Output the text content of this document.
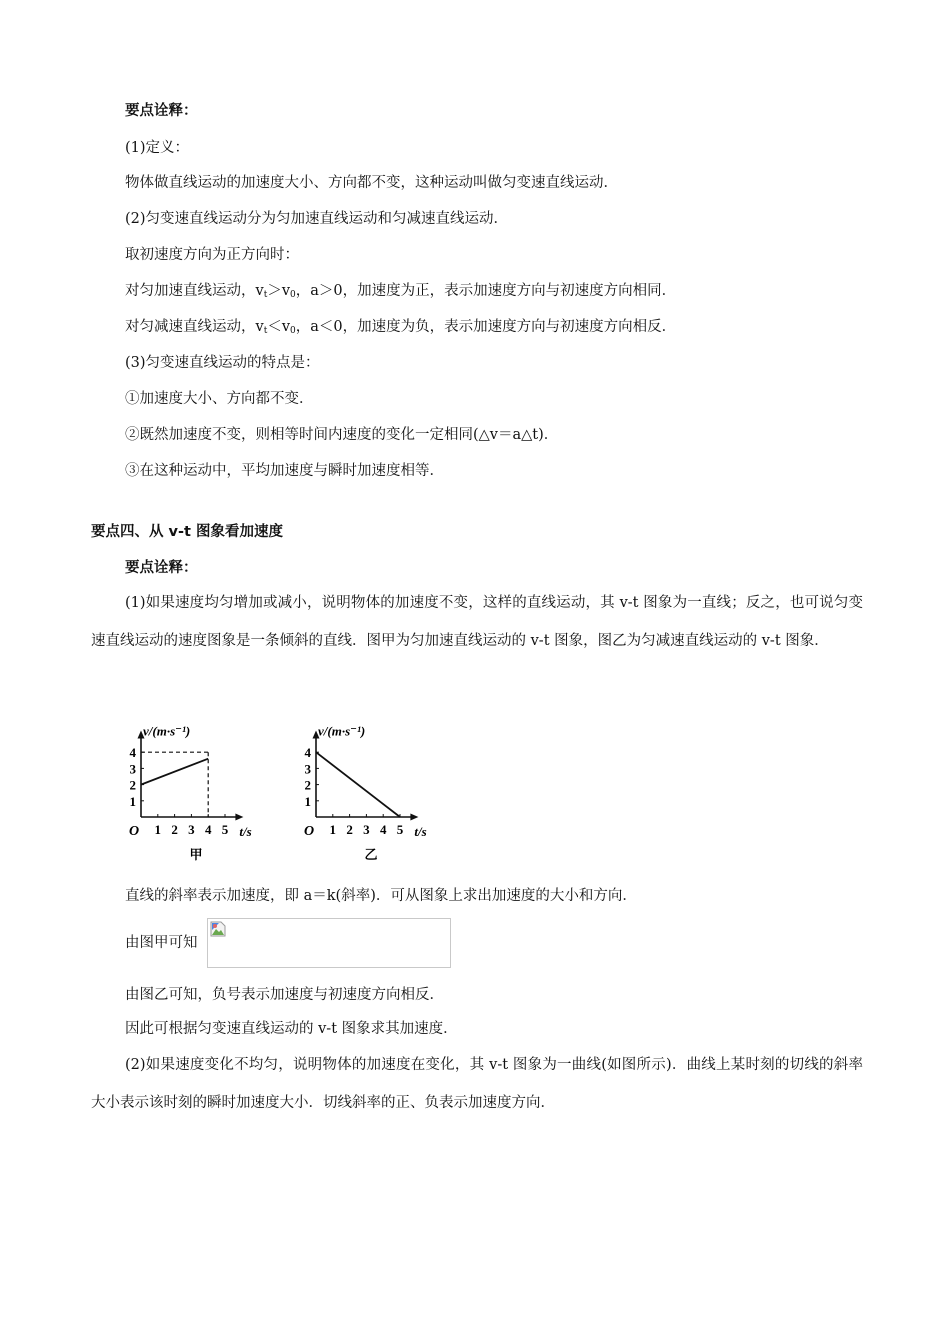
要点诠释：
(1)定义：
物体做直线运动的加速度大小、方向都不变，这种运动叫做匀变速直线运动．
(2)匀变速直线运动分为匀加速直线运动和匀减速直线运动．
取初速度方向为正方向时：
对匀加速直线运动，$v_t>v_0$，a＞0，加速度为正，表示加速度方向与初速度方向相同．
对匀减速直线运动，$v_t<v_0$，a＜0，加速度为负，表示加速度方向与初速度方向相反．
(3)匀变速直线运动的特点是：
①加速度大小、方向都不变．
②既然加速度不变，则相等时间内速度的变化一定相同(△v＝a△t)．
③在这种运动中，平均加速度与瞬时加速度相等．
要点四、从 v-t 图象看加速度
要点诠释：
(1)如果速度均匀增加或减小，说明物体的加速度不变，这样的直线运动，其 v-t 图象为一直线；反之，也可说匀变速直线运动的速度图象是一条倾斜的直线．图甲为匀加速直线运动的 v-t 图象，图乙为匀减速直线运动的 v-t 图象．
v/(m·s⁻¹)
t/s
O 1 2 3 4 5
1
2
3
4
甲
v/(m·s⁻¹)
t/s
O 1 2 3 4 5
1
2
3
4
乙
直线的斜率表示加速度，即 a＝k(斜率)．可从图象上求出加速度的大小和方向．
由图甲可知
由图乙可知，负号表示加速度与初速度方向相反．
因此可根据匀变速直线运动的 v-t 图象求其加速度．
(2)如果速度变化不均匀，说明物体的加速度在变化，其 v-t 图象为一曲线(如图所示)．曲线上某时刻的切线的斜率大小表示该时刻的瞬时加速度大小．切线斜率的正、负表示加速度方向．
